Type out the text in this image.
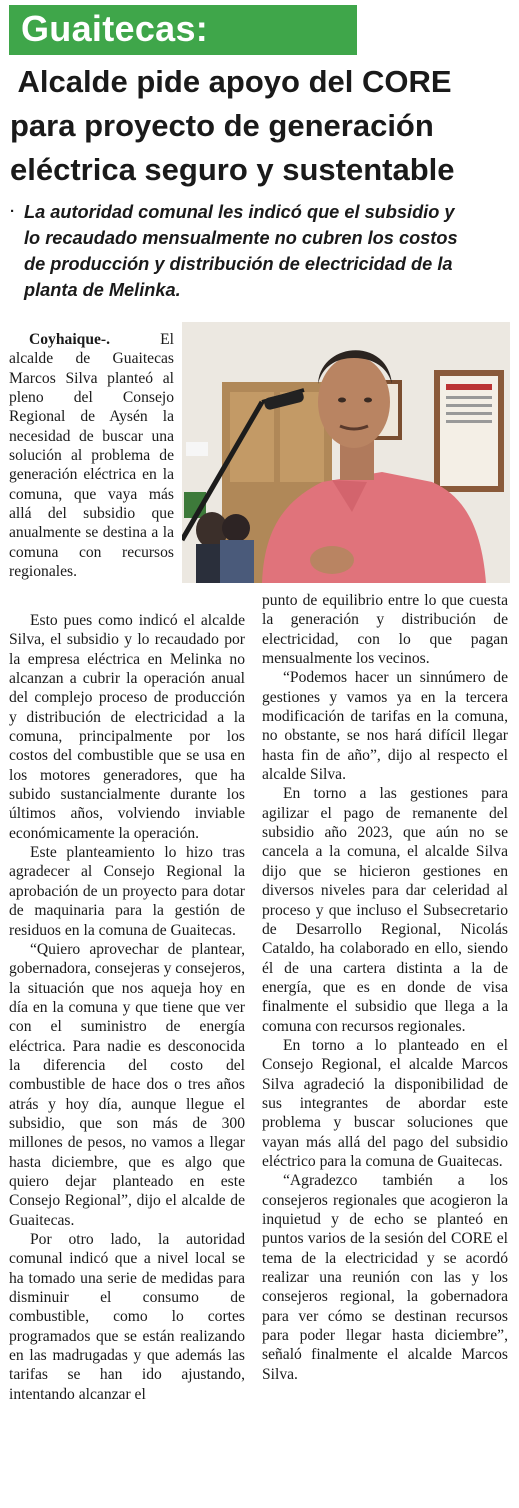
Guaitecas:
Alcalde pide apoyo del CORE
para proyecto de generación
eléctrica seguro y sustentable
· La autoridad comunal les indicó que el subsidio y
lo recaudado mensualmente no cubren los costos
de producción y distribución de electricidad de la
planta de Melinka.

Coyhaique-.	El alcalde de Guaitecas Marcos Silva planteó al pleno del Consejo Regional de Aysén la necesidad de buscar una solución al problema de generación eléctrica en la comuna, que vaya más allá del subsidio que anualmente se destina a la comuna con recursos regionales.

Esto pues como indicó el alcalde Silva, el subsidio y lo recaudado por la empresa eléctrica en Melinka no alcanzan a cubrir la operación anual del complejo proceso de producción y distribución de electricidad a la comuna, principalmente por los costos del combustible que se usa en los motores generadores, que ha subido sustancialmente durante los últimos años, volviendo inviable económicamente la operación.

Este planteamiento lo hizo tras agradecer al Consejo Regional la aprobación de un proyecto para dotar de maquinaria para la gestión de residuos en la comuna de Guaitecas.

“Quiero aprovechar de plantear, gobernadora, consejeras y consejeros, la situación que nos aqueja hoy en día en la comuna y que tiene que ver con el suministro de energía eléctrica. Para nadie es desconocida la diferencia del costo del combustible de hace dos o tres años atrás y hoy día, aunque llegue el subsidio, que son más de 300 millones de pesos, no vamos a llegar hasta diciembre, que es algo que quiero dejar planteado en este Consejo Regional”, dijo el alcalde de Guaitecas.

Por otro lado, la autoridad comunal indicó que a nivel local se ha tomado una serie de medidas para disminuir el consumo de combustible, como lo cortes programados que se están realizando en las madrugadas y que además las tarifas se han ido ajustando, intentando alcanzar el

punto de equilibrio entre lo que cuesta la generación y distribución de electricidad, con lo que pagan mensualmente los vecinos.

“Podemos hacer un sinnúmero de gestiones y vamos ya en la tercera modificación de tarifas en la comuna, no obstante, se nos hará difícil llegar hasta fin de año”, dijo al respecto el alcalde Silva.

En torno a las gestiones para agilizar el pago de remanente del subsidio año 2023, que aún no se cancela a la comuna, el alcalde Silva dijo que se hicieron gestiones en diversos niveles para dar celeridad al proceso y que incluso el Subsecretario de Desarrollo Regional, Nicolás Cataldo, ha colaborado en ello, siendo él de una cartera distinta a la de energía, que es en donde de visa finalmente el subsidio que llega a la comuna con recursos regionales.

En torno a lo planteado en el Consejo Regional, el alcalde Marcos Silva agradeció la disponibilidad de sus integrantes de abordar este problema y buscar soluciones que vayan más allá del pago del subsidio eléctrico para la comuna de Guaitecas.

“Agradezco también a los consejeros regionales que acogieron la inquietud y de echo se planteó en puntos varios de la sesión del CORE el tema de la electricidad y se acordó realizar una reunión con las y los consejeros regional, la gobernadora para ver cómo se destinan recursos para poder llegar hasta diciembre”, señaló finalmente el alcalde Marcos Silva.
